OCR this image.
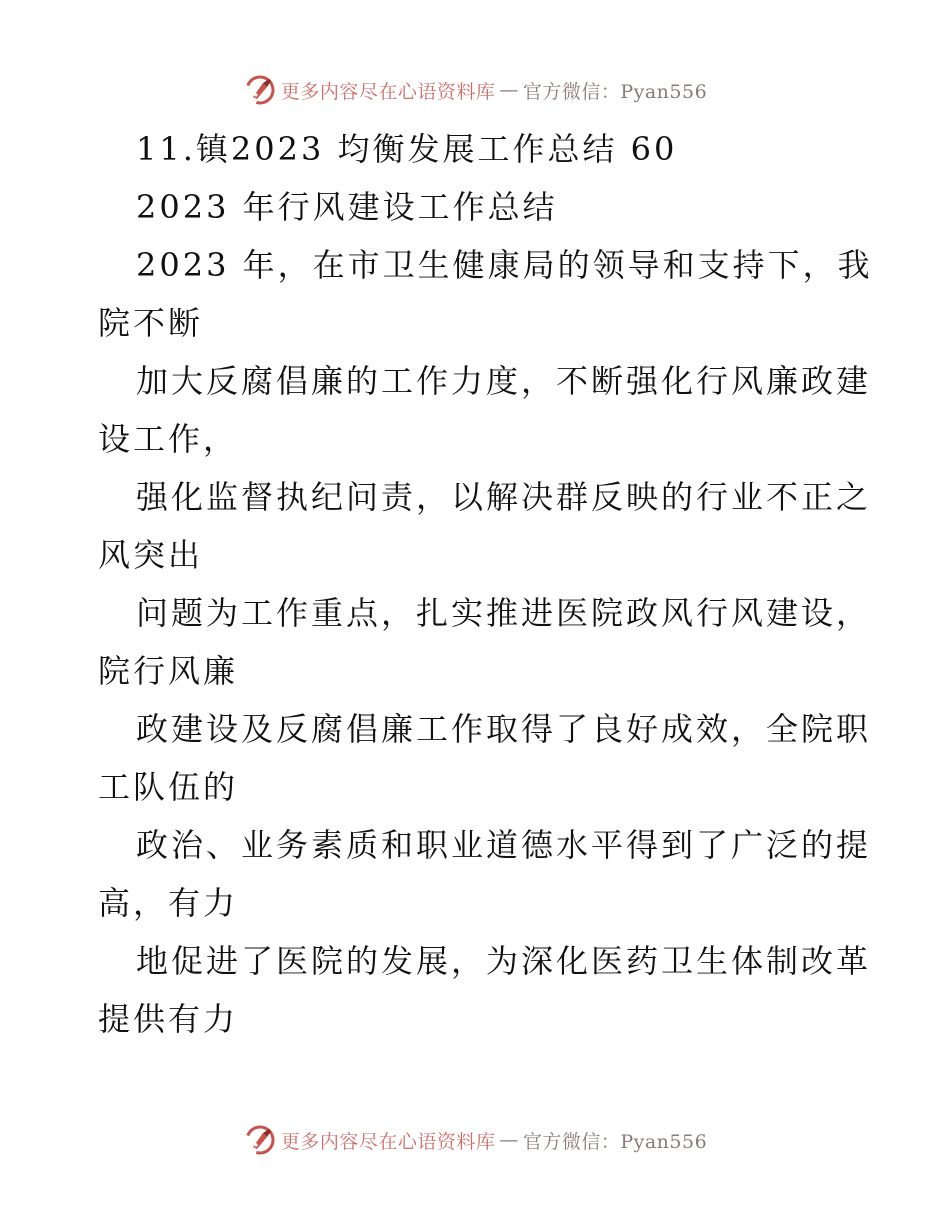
更多内容尽在心语资料库 — 官方微信：Pyan556
11.镇2023 均衡发展工作总结 60
2023 年行风建设工作总结
2023 年，在市卫生健康局的领导和支持下，我
院不断
加大反腐倡廉的工作力度，不断强化行风廉政建
设工作，
强化监督执纪问责，以解决群反映的行业不正之
风突出
问题为工作重点，扎实推进医院政风行风建设，
院行风廉
政建设及反腐倡廉工作取得了良好成效，全院职
工队伍的
政治、业务素质和职业道德水平得到了广泛的提
高，有力
地促进了医院的发展，为深化医药卫生体制改革
提供有力
更多内容尽在心语资料库 — 官方微信：Pyan556
